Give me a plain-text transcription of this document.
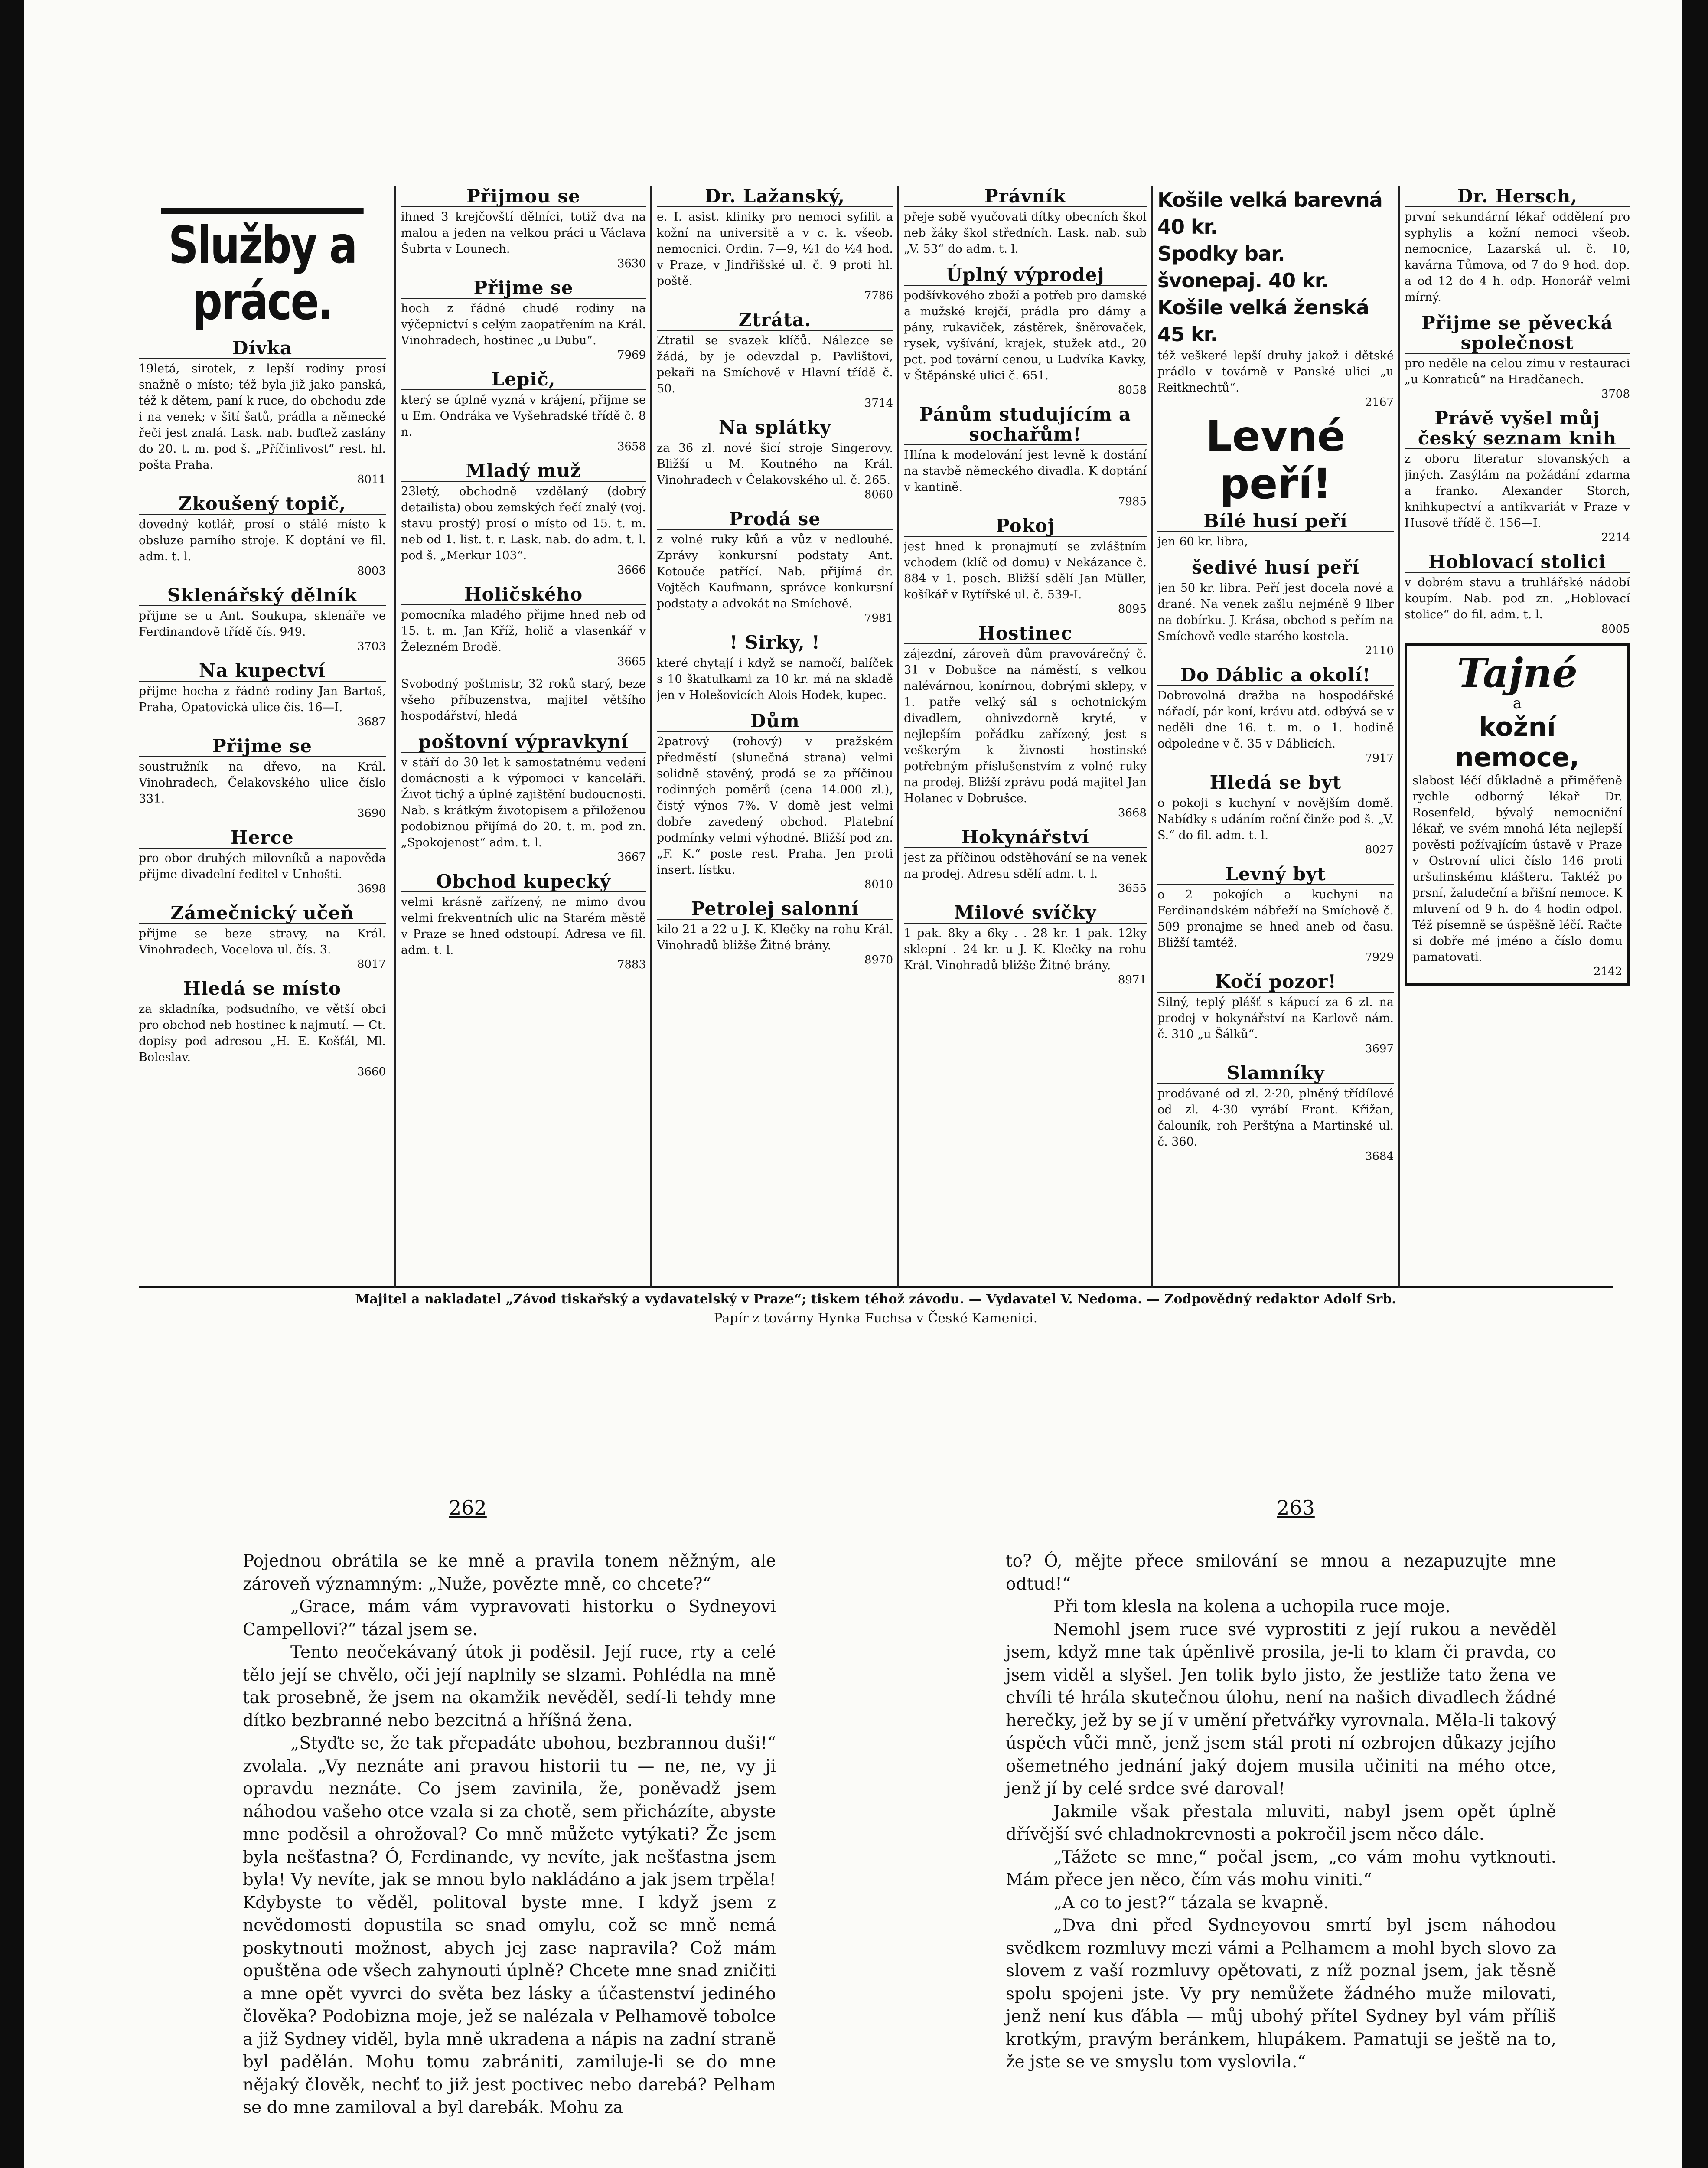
Služby a práce.
Dívka

19letá, sirotek, z lepší rodiny prosí snažně o místo; též byla již jako panská, též k dětem, paní k ruce, do obchodu zde i na venek; v šití šatů, prádla a německé řeči jest znalá. Lask. nab. buďtež zaslány do 20. t. m. pod š. „Příčinlivost“ rest. hl. pošta Praha.

8011
Zkoušený topič,

dovedný kotlář, prosí o stálé místo k obsluze parního stroje. K doptání ve fil. adm. t. l.

8003
Sklenářský dělník

přijme se u Ant. Soukupa, sklenáře ve Ferdinandově třídě čís. 949.

3703
Na kupectví

přijme hocha z řádné rodiny Jan Bartoš, Praha, Opatovická ulice čís. 16—I.

3687
Přijme se

soustružník na dřevo, na Král. Vinohradech, Čelakovského ulice číslo 331.

3690
Herce

pro obor druhých milovníků a napověda přijme divadelní ředitel v Unhošti.

3698
Zámečnický učeň

přijme se beze stravy, na Král. Vinohradech, Vocelova ul. čís. 3.

8017
Hledá se místo

za skladníka, podsudního, ve větší obci pro obchod neb hostinec k najmutí. — Ct. dopisy pod adresou „H. E. Košťál, Ml. Boleslav.

3660
Přijmou se

ihned 3 krejčovští dělníci, totiž dva na malou a jeden na velkou práci u Václava Šubrta v Lounech.

3630
Přijme se

hoch z řádné chudé rodiny na výčepnictví s celým zaopatřením na Král. Vinohradech, hostinec „u Dubu“.

7969
Lepič,

který se úplně vyzná v krájení, přijme se u Em. Ondráka ve Vyšehradské třídě č. 8 n.

3658
Mladý muž

23letý, obchodně vzdělaný (dobrý detailista) obou zemských řečí znalý (voj. stavu prostý) prosí o místo od 15. t. m. neb od 1. list. t. r. Lask. nab. do adm. t. l. pod š. „Merkur 103“.

3666
Holičského

pomocníka mladého přijme hned neb od 15. t. m. Jan Kříž, holič a vlasenkář v Železném Brodě.

3665

Svobodný poštmistr, 32 roků starý, beze všeho příbuzenstva, majitel většího hospodářství, hledá

poštovní výpravkyní

v stáří do 30 let k samostatnému vedení domácnosti a k výpomoci v kanceláři. Život tichý a úplné zajištění budoucnosti. Nab. s krátkým životopisem a přiloženou podobiznou přijímá do 20. t. m. pod zn. „Spokojenost“ adm. t. l.

3667
Obchod kupecký

velmi krásně zařízený, ne mimo dvou velmi frekventních ulic na Starém městě v Praze se hned odstoupí. Adresa ve fil. adm. t. l.

7883
Dr. Lažanský,

e. I. asist. kliniky pro nemoci syfilit a kožní na universitě a v c. k. všeob. nemocnici. Ordin. 7—9, ½1 do ½4 hod. v Praze, v Jindřišské ul. č. 9 proti hl. poště.

7786
Ztráta.

Ztratil se svazek klíčů. Nálezce se žádá, by je odevzdal p. Pavlištovi, pekaři na Smíchově v Hlavní třídě č. 50.

3714
Na splátky

za 36 zl. nové šicí stroje Singerovy. Bližší u M. Koutného na Král. Vinohradech v Čelakovského ul. č. 265.

8060
Prodá se

z volné ruky kůň a vůz v nedlouhé. Zprávy konkursní podstaty Ant. Kotouče patřící. Nab. přijímá dr. Vojtěch Kaufmann, správce konkursní podstaty a advokát na Smíchově.

7981
! Sirky, !

které chytají i když se namočí, balíček s 10 škatulkami za 10 kr. má na skladě jen v Holešovicích Alois Hodek, kupec.

Dům

2patrový (rohový) v pražském předměstí (slunečná strana) velmi solidně stavěný, prodá se za příčinou rodinných poměrů (cena 14.000 zl.), čistý výnos 7%. V domě jest velmi dobře zavedený obchod. Platební podmínky velmi výhodné. Bližší pod zn. „F. K.“ poste rest. Praha. Jen proti insert. lístku.

8010
Petrolej salonní

kilo 21 a 22 u J. K. Klečky na rohu Král. Vinohradů bližše Žitné brány.

8970
Právník

přeje sobě vyučovati dítky obecních škol neb žáky škol středních. Lask. nab. sub „V. 53“ do adm. t. l.

Úplný výprodej

podšívkového zboží a potřeb pro damské a mužské krejčí, prádla pro dámy a pány, rukaviček, zástěrek, šněrovaček, rysek, vyšívání, krajek, stužek atd., 20 pct. pod tovární cenou, u Ludvíka Kavky, v Štěpánské ulici č. 651.

8058
Pánům studujícím a sochařům!

Hlína k modelování jest levně k dostání na stavbě německého divadla. K doptání v kantině.

7985
Pokoj

jest hned k pronajmutí se zvláštním vchodem (klíč od domu) v Nekázance č. 884 v 1. posch. Bližší sdělí Jan Müller, košíkář v Rytířské ul. č. 539-I.

8095
Hostinec

zájezdní, zároveň dům pravovárečný č. 31 v Dobušce na náměstí, s velkou nalévárnou, konírnou, dobrými sklepy, v 1. patře velký sál s ochotnickým divadlem, ohnivzdorně kryté, v nejlepším pořádku zařízený, jest s veškerým k živnosti hostinské potřebným příslušenstvím z volné ruky na prodej. Bližší zprávu podá majitel Jan Holanec v Dobrušce.

3668
Hokynářství

jest za příčinou odstěhování se na venek na prodej. Adresu sdělí adm. t. l.

3655
Milové svíčky

1 pak. 8ky a 6ky . . 28 kr. 1 pak. 12ky sklepní . 24 kr. u J. K. Klečky na rohu Král. Vinohradů bližše Žitné brány.

8971
Košile velká barevná 40 kr.
Spodky bar. švonepaj. 40 kr.
Košile velká ženská 45 kr.

též veškeré lepší druhy jakož i dětské prádlo v továrně v Panské ulici „u Reitknechtů“.

2167
Levné peří!
Bílé husí peří

jen 60 kr. libra,

šedivé husí peří

jen 50 kr. libra. Peří jest docela nové a drané. Na venek zašlu nejméně 9 liber na dobírku. J. Krása, obchod s peřím na Smíchově vedle starého kostela.

2110
Do Dáblic a okolí!

Dobrovolná dražba na hospodářské nářadí, pár koní, krávu atd. odbývá se v neděli dne 16. t. m. o 1. hodině odpoledne v č. 35 v Dáblicích.

7917
Hledá se byt

o pokoji s kuchyní v novějším domě. Nabídky s udáním roční činže pod š. „V. S.“ do fil. adm. t. l.

8027
Levný byt

o 2 pokojích a kuchyni na Ferdinandském nábřeží na Smíchově č. 509 pronajme se hned aneb od času. Bližší tamtéž.

7929
Kočí pozor!

Silný, teplý plášť s kápucí za 6 zl. na prodej v hokynářství na Karlově nám. č. 310 „u Šálků“.

3697
Slamníky

prodávané od zl. 2·20, plněný třídílové od zl. 4·30 vyrábí Frant. Křižan, čalouník, roh Perštýna a Martinské ul. č. 360.

3684
Dr. Hersch,

první sekundární lékař oddělení pro syphylis a kožní nemoci všeob. nemocnice, Lazarská ul. č. 10, kavárna Tůmova, od 7 do 9 hod. dop. a od 12 do 4 h. odp. Honorář velmi mírný.

Přijme se pěvecká společnost

pro neděle na celou zimu v restauraci „u Konraticů“ na Hradčanech.

3708
Právě vyšel můj český seznam knih

z oboru literatur slovanských a jiných. Zasýlám na požádání zdarma a franko. Alexander Storch, knihkupectví a antikvariát v Praze v Husově třídě č. 156—I.

2214
Hoblovací stolici

v dobrém stavu a truhlářské nádobí koupím. Nab. pod zn. „Hoblovací stolice“ do fil. adm. t. l.

8005
Tajné
a
kožní nemoce,

slabost léčí důkladně a přiměřeně rychle odborný lékař Dr. Rosenfeld, bývalý nemocniční lékař, ve svém mnohá léta nejlepší pověsti požívajícím ústavě v Praze v Ostrovní ulici číslo 146 proti uršulinskému klášteru. Taktéž po prsní, žaludeční a břišní nemoce. K mluvení od 9 h. do 4 hodin odpol. Též písemně se úspěšně léčí. Račte si dobře mé jméno a číslo domu pamatovati.

2142
Majitel a nakladatel „Závod tiskařský a vydavatelský v Praze“; tiskem téhož závodu. — Vydavatel V. Nedoma. — Zodpovědný redaktor Adolf Srb.
Papír z továrny Hynka Fuchsa v České Kamenici.
262	263

Pojednou obrátila se ke mně a pravila tonem něžným, ale zároveň významným: „Nuže, povězte mně, co chcete?“

„Grace, mám vám vypravovati historku o Sydneyovi Campellovi?“ tázal jsem se.

Tento neočekávaný útok ji poděsil. Její ruce, rty a celé tělo její se chvělo, oči její naplnily se slzami. Pohlédla na mně tak prosebně, že jsem na okamžik nevěděl, sedí-li tehdy mne dítko bezbranné nebo bezcitná a hříšná žena.

„Styďte se, že tak přepadáte ubohou, bezbrannou duši!“ zvolala. „Vy neznáte ani pravou historii tu — ne, ne, vy ji opravdu neznáte. Co jsem zavinila, že, poněvadž jsem náhodou vašeho otce vzala si za chotě, sem přicházíte, abyste mne poděsil a ohrožoval? Co mně můžete vytýkati? Že jsem byla nešťastna? Ó, Ferdinande, vy nevíte, jak nešťastna jsem byla! Vy nevíte, jak se mnou bylo nakládáno a jak jsem trpěla! Kdybyste to věděl, politoval byste mne. I když jsem z nevědomosti dopustila se snad omylu, což se mně nemá poskytnouti možnost, abych jej zase napravila? Což mám opuštěna ode všech zahynouti úplně? Chcete mne snad zničiti a mne opět vyvrci do světa bez lásky a účastenství jediného člověka? Podobizna moje, jež se nalézala v Pelhamově tobolce a již Sydney viděl, byla mně ukradena a nápis na zadní straně byl padělán. Mohu tomu zabrániti, zamiluje-li se do mne nějaký člověk, nechť to již jest poctivec nebo darebá? Pelham se do mne zamiloval a byl darebák. Mohu za

to? Ó, mějte přece smilování se mnou a nezapuzujte mne odtud!“

Při tom klesla na kolena a uchopila ruce moje.

Nemohl jsem ruce své vyprostiti z její rukou a nevěděl jsem, když mne tak úpěnlivě prosila, je-li to klam či pravda, co jsem viděl a slyšel. Jen tolik bylo jisto, že jestliže tato žena ve chvíli té hrála skutečnou úlohu, není na našich divadlech žádné herečky, jež by se jí v umění přetvářky vyrovnala. Měla-li takový úspěch vůči mně, jenž jsem stál proti ní ozbrojen důkazy jejího ošemetného jednání jaký dojem musila učiniti na mého otce, jenž jí by celé srdce své daroval!

Jakmile však přestala mluviti, nabyl jsem opět úplně dřívější své chladnokrevnosti a pokročil jsem něco dále.

„Tážete se mne,“ počal jsem, „co vám mohu vytknouti. Mám přece jen něco, čím vás mohu viniti.“

„A co to jest?“ tázala se kvapně.

„Dva dni před Sydneyovou smrtí byl jsem náhodou svědkem rozmluvy mezi vámi a Pelhamem a mohl bych slovo za slovem z vaší rozmluvy opětovati, z níž poznal jsem, jak těsně spolu spojeni jste. Vy pry nemůžete žádného muže milovati, jenž není kus ďábla — můj ubohý přítel Sydney byl vám příliš krotkým, pravým beránkem, hlupákem. Pamatuji se ještě na to, že jste se ve smyslu tom vyslovila.“
